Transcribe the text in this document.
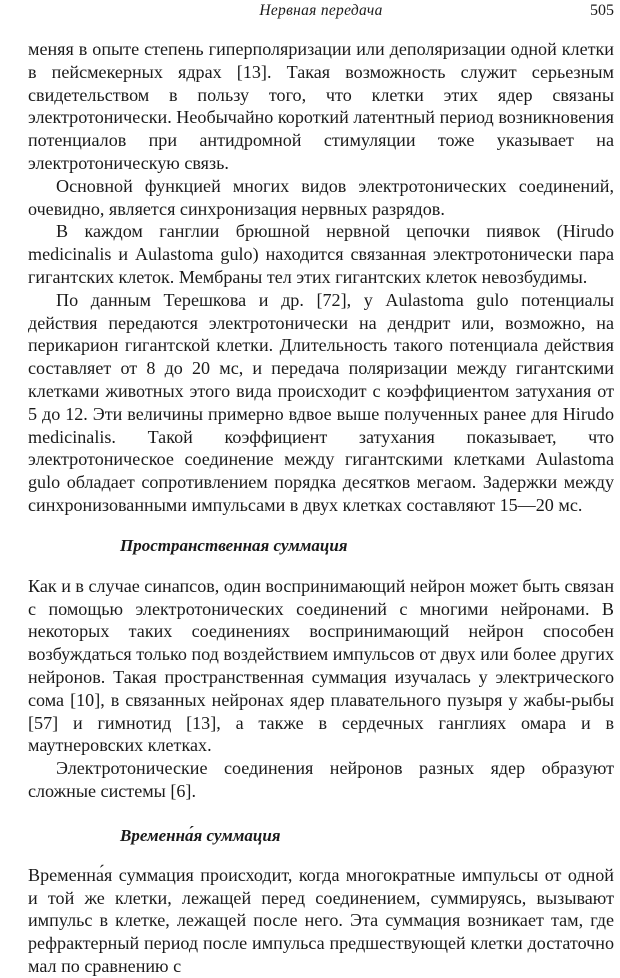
Нервная передача	505

меняя в опыте степень гиперполяризации или деполяризации одной клетки в пейсмекерных ядрах [13]. Такая возможность служит серьезным свидетельством в пользу того, что клетки этих ядер связаны электротонически. Необычайно короткий латентный период возникновения потенциалов при антидромной стимуляции тоже указывает на электротоническую связь.

Основной функцией многих видов электротонических соединений, очевидно, является синхронизация нервных разрядов.

В каждом ганглии брюшной нервной цепочки пиявок (Hirudo medicinalis и Aulastoma gulo) находится связанная электротонически пара гигантских клеток. Мембраны тел этих гигантских клеток невозбудимы.

По данным Терешкова и др. [72], у Aulastoma gulo потенциалы действия передаются электротонически на дендрит или, возможно, на перикарион гигантской клетки. Длительность такого потенциала действия составляет от 8 до 20 мс, и передача поляризации между гигантскими клетками животных этого вида происходит с коэффициентом затухания от 5 до 12. Эти величины примерно вдвое выше полученных ранее для Hirudo medicinalis. Такой коэффициент затухания показывает, что электротоническое соединение между гигантскими клетками Aulastoma gulo обладает сопротивлением порядка десятков мегаом. Задержки между синхронизованными импульсами в двух клетках составляют 15—20 мс.

Пространственная суммация

Как и в случае синапсов, один воспринимающий нейрон может быть связан с помощью электротонических соединений с многими нейронами. В некоторых таких соединениях воспринимающий нейрон способен возбуждаться только под воздействием импульсов от двух или более других нейронов. Такая пространственная суммация изучалась у электрического сома [10], в связанных нейронах ядер плавательного пузыря у жабы-рыбы [57] и гимнотид [13], а также в сердечных ганглиях омара и в маутнеровских клетках.

Электротонические соединения нейронов разных ядер образуют сложные системы [6].

Временна́я суммация

Временна́я суммация происходит, когда многократные импульсы от одной и той же клетки, лежащей перед соединением, суммируясь, вызывают импульс в клетке, лежащей после него. Эта суммация возникает там, где рефрактерный период после импульса предшествующей клетки достаточно мал по сравнению с
